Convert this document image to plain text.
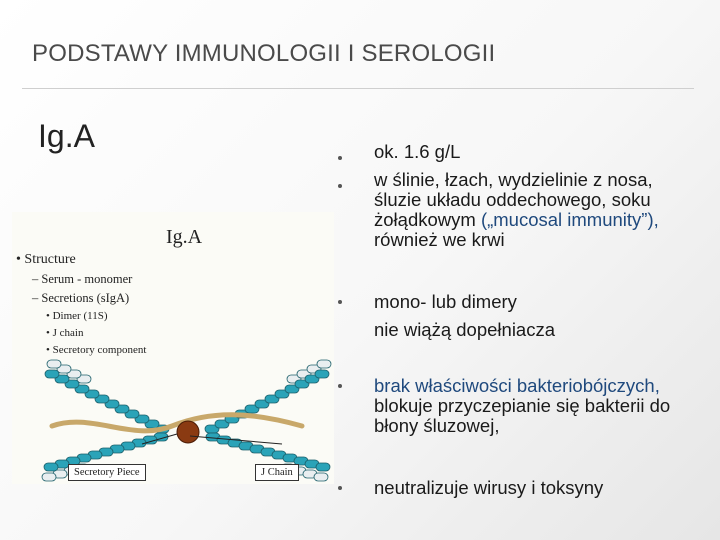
PODSTAWY IMMUNOLOGII I SEROLOGII
Ig.A
Ig.A
• Structure
– Serum - monomer
– Secretions (sIgA)
• Dimer (11S)
• J chain
• Secretory component
Secretory Piece	J Chain
ok. 1.6 g/L
w ślinie, łzach, wydzielinie z nosa, śluzie układu oddechowego, soku żołądkowym („mucosal immunity”), również we krwi
mono- lub dimery
nie wiążą dopełniacza
brak właściwości bakteriobójczych, blokuje przyczepianie się bakterii do błony śluzowej,
neutralizuje wirusy i toksyny
